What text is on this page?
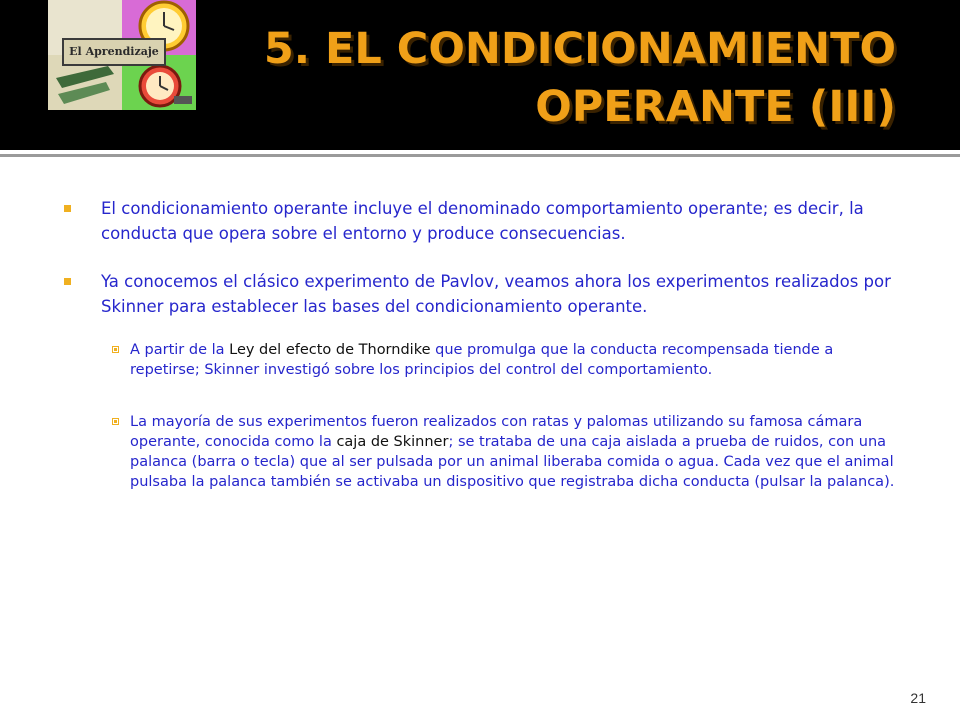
El Aprendizaje 5. EL CONDICIONAMIENTO
OPERANTE (III)
El condicionamiento operante incluye el denominado comportamiento operante; es decir, la conducta que opera sobre el entorno y produce consecuencias.
Ya conocemos el clásico experimento de Pavlov, veamos ahora los experimentos realizados por Skinner para establecer las bases del condicionamiento operante.
A partir de la Ley del efecto de Thorndike que promulga que la conducta recompensada tiende a repetirse; Skinner investigó sobre los principios del control del comportamiento.
La mayoría de sus experimentos fueron realizados con ratas y palomas utilizando su famosa cámara operante, conocida como la caja de Skinner; se trataba de una caja aislada a prueba de ruidos, con una palanca (barra o tecla) que al ser pulsada por un animal liberaba comida o agua. Cada vez que el animal pulsaba la palanca también se activaba un dispositivo que registraba dicha conducta (pulsar la palanca).
21
